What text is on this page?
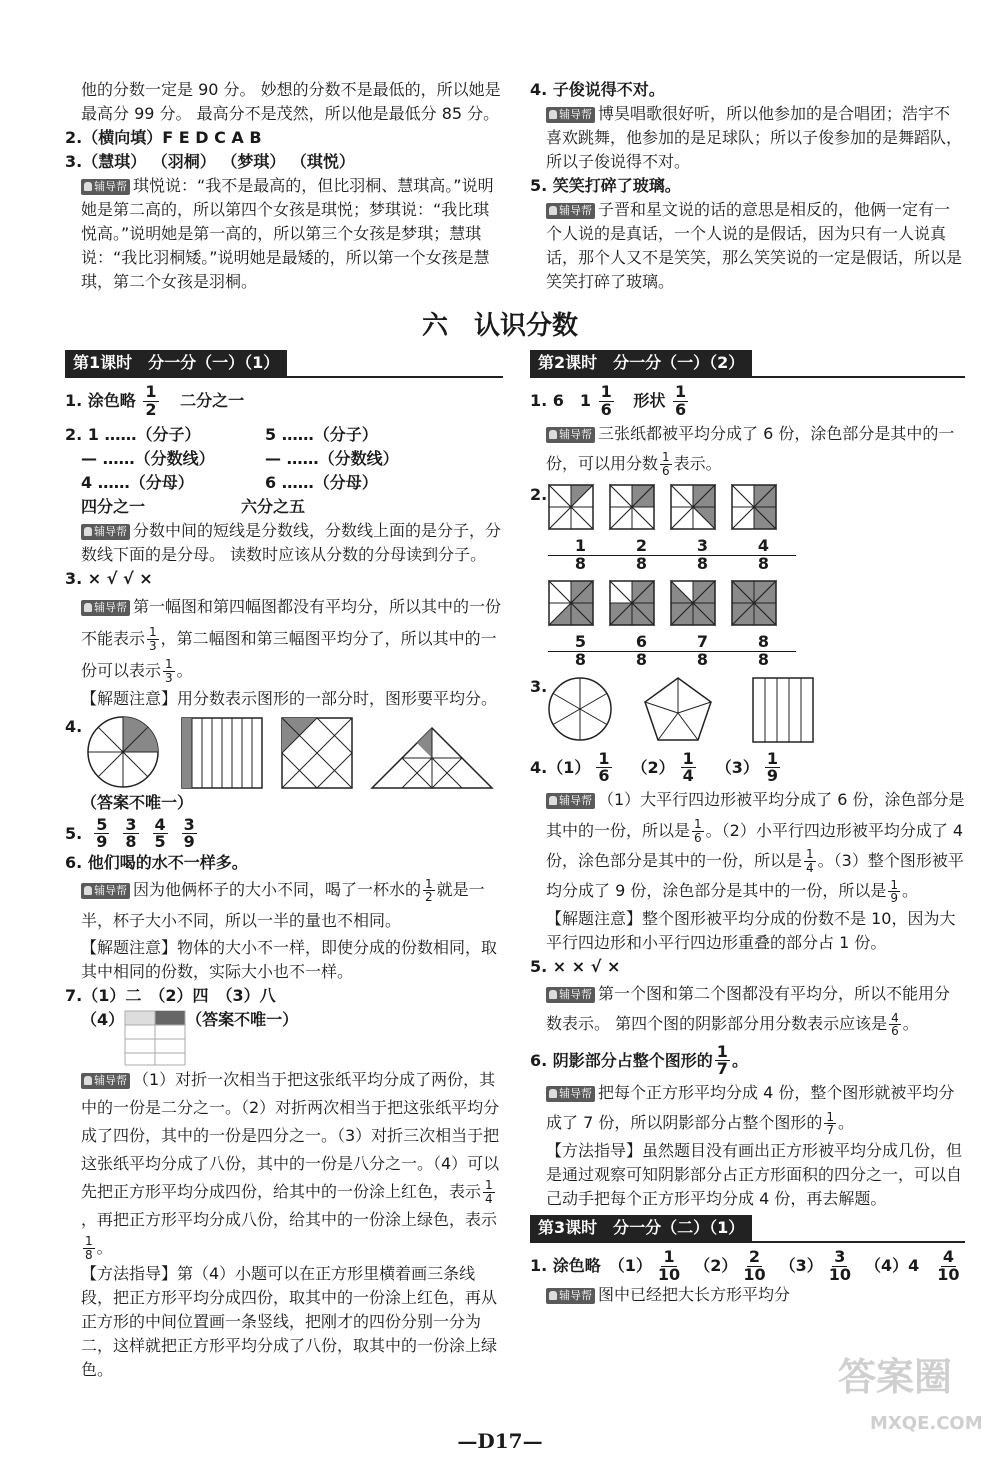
他的分数一定是 90 分。 妙想的分数不是最低的，所以她是最高分 99 分。 最高分不是茂然，所以他是最低分 85 分。

2.（横向填）F E D C A B

3.（慧琪） （羽桐） （梦琪） （琪悦）

辅导帮 琪悦说：“我不是最高的，但比羽桐、慧琪高。”说明她是第二高的，所以第四个女孩是琪悦；梦琪说：“我比琪悦高。”说明她是第一高的，所以第三个女孩是梦琪；慧琪说：“我比羽桐矮。”说明她是最矮的，所以第一个女孩是慧琪，第二个女孩是羽桐。

4. 子俊说得不对。

辅导帮 博昊唱歌很好听，所以他参加的是合唱团；浩宇不喜欢跳舞，他参加的是足球队；所以子俊参加的是舞蹈队，所以子俊说得不对。

5. 笑笑打碎了玻璃。

辅导帮 子晋和星文说的话的意思是相反的，他俩一定有一个人说的是真话，一个人说的是假话，因为只有一人说真话，那个人又不是笑笑，那么笑笑说的一定是假话，所以是笑笑打碎了玻璃。

六　认识分数
第1课时　分一分（一）（1）
1. 涂色略 $\frac{1}{2}$ 二分之一
2. 1 ……（分子）	5 ……（分子）
— ……（分数线）	— ……（分数线）
4 ……（分母）	6 ……（分母）
四分之一	六分之五

辅导帮 分数中间的短线是分数线，分数线上面的是分子，分数线下面的是分母。 读数时应该从分数的分母读到分子。

3. × √ √ ×

辅导帮 第一幅图和第四幅图都没有平均分，所以其中的一份不能表示 $\frac{1}{3}$ ，第二幅图和第三幅图平均分了，所以其中的一份可以表示 $\frac{1}{3}$ 。

【解题注意】用分数表示图形的一部分时，图形要平均分。

4.

（答案不唯一）

5. $\frac{5}{9} \frac{3}{8} \frac{4}{5} \frac{3}{9}$

6. 他们喝的水不一样多。

辅导帮 因为他俩杯子的大小不同，喝了一杯水的 $\frac{1}{2}$ 就是一半，杯子大小不同，所以一半的量也不相同。

【解题注意】物体的大小不一样，即使分成的份数相同，取其中相同的份数，实际大小也不一样。

7.（1）二　（2）四　（3）八

（4）	（答案不唯一）

辅导帮 （1）对折一次相当于把这张纸平均分成了两份，其中的一份是二分之一。（2）对折两次相当于把这张纸平均分成了四份，其中的一份是四分之一。（3）对折三次相当于把这张纸平均分成了八份，其中的一份是八分之一。（4）可以先把正方形平均分成四份，给其中的一份涂上红色，表示 $\frac{1}{4}$
，再把正方形平均分成八份，给其中的一份涂上绿色，表示
$\frac{1}{8}$ 。

【方法指导】第（4）小题可以在正方形里横着画三条线段，把正方形平均分成四份，取其中的一份涂上红色，再从正方形的中间位置画一条竖线，把刚才的四份分别一分为二，这样就把正方形平均分成了八份，取其中的一份涂上绿色。

第2课时　分一分（一）（2）
1. 6　$1 \frac{1}{6}$ 形状 $\frac{1}{6}$

辅导帮 三张纸都被平均分成了 6 份，涂色部分是其中的一份，可以用分数 $\frac{1}{6}$ 表示。

2.
$\frac{1}{8} \frac{2}{8} \frac{3}{8} \frac{4}{8}$
$\frac{5}{8} \frac{6}{8} \frac{7}{8} \frac{8}{8}$
3.
$4.(1) \frac{1}{6} (2) \frac{1}{4} (3) \frac{1}{9}$

辅导帮 （1）大平行四边形被平均分成了 6 份，涂色部分是其中的一份，所以是 $\frac{1}{6}$ 。（2）小平行四边形被平均分成了 4 份，涂色部分是其中的一份，所以是 $\frac{1}{4}$ 。（3）整个图形被平均分成了 9 份，涂色部分是其中的一份，所以是 $\frac{1}{9}$ 。

【解题注意】整个图形被平均分成的份数不是 10，因为大平行四边形和小平行四边形重叠的部分占 1 份。

5. × × √ ×

辅导帮 第一个图和第二个图都没有平均分，所以不能用分数表示。 第四个图的阴影部分用分数表示应该是 $\frac{4}{6}$ 。

6. 阴影部分占整个图形的 $\frac{1}{7}$ 。

辅导帮 把每个正方形平均分成 4 份，整个图形就被平均分成了 7 份，所以阴影部分占整个图形的 $\frac{1}{7}$ 。

【方法指导】虽然题目没有画出正方形被平均分成几份，但是通过观察可知阴影部分占正方形面积的四分之一，可以自己动手把每个正方形平均分成 4 份，再去解题。

第3课时　分一分（二）（1）
1. 涂色略　$(1) \frac{1}{10} (2) \frac{2}{10} (3) \frac{3}{10} (4)4 \frac{4}{10}$

辅导帮 图中已经把大长方形平均分

—D17—
答案圈
MXQE.COM
